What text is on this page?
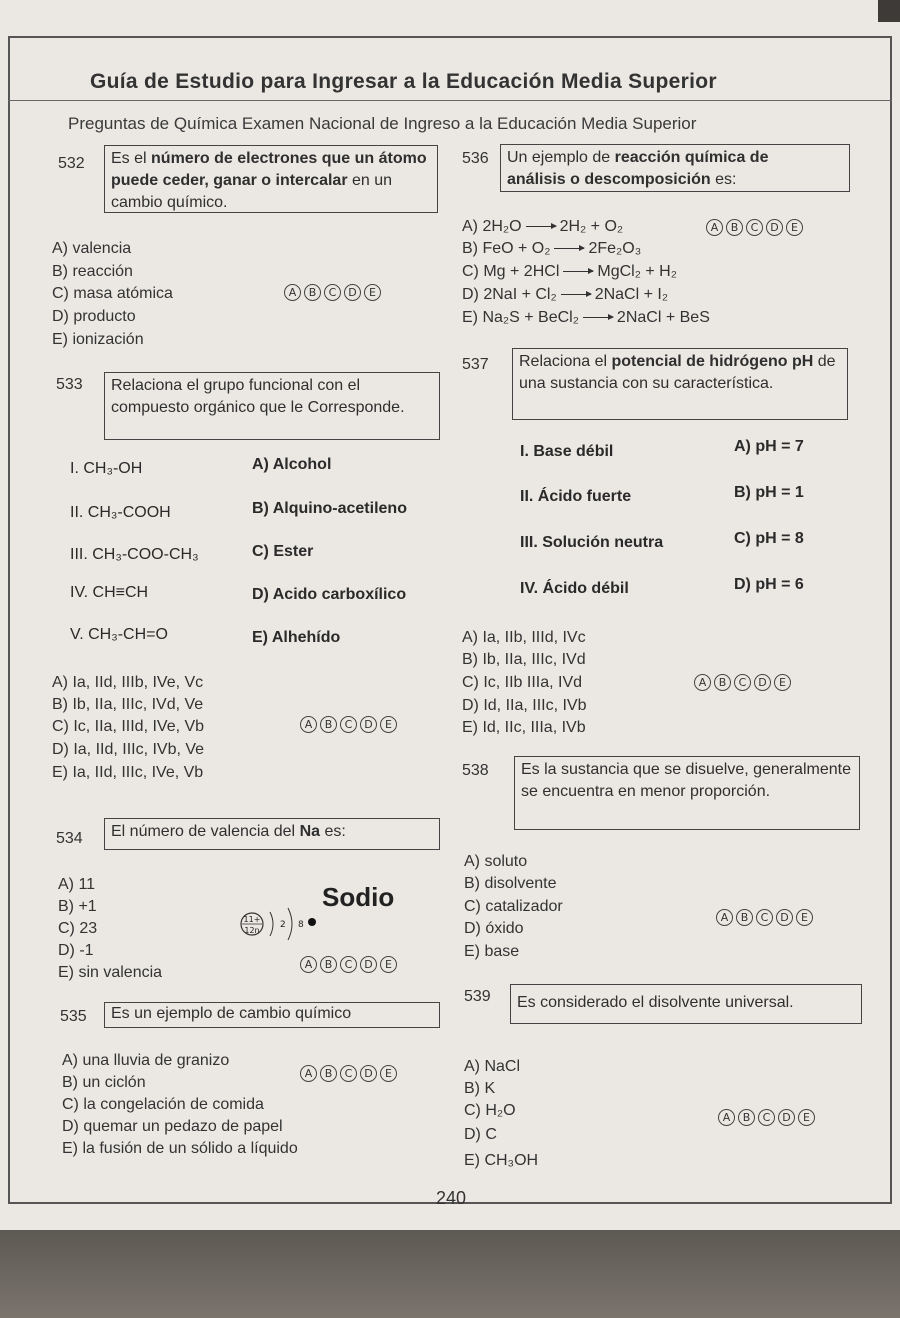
Guía de Estudio para Ingresar a la Educación Media Superior
Preguntas de Química Examen Nacional de Ingreso a la Educación Media Superior
532	Es el número de electrones que un átomo puede ceder, ganar o intercalar en un cambio químico.
A) valencia
B) reacción
C) masa atómica
D) producto
E) ionización
A	B	C	D	E
533	Relaciona el grupo funcional con el compuesto orgánico que le Corresponde.
I. CH₃-OH	A) Alcohol
II. CH₃-COOH	B) Alquino-acetileno
III. CH₃-COO-CH₃	C) Ester
IV. CH≡CH	D) Acido carboxílico
V. CH₃-CH=O	E) Alhehído
A) Ia, IId, IIIb, IVe, Vc
B) Ib, IIa, IIIc, IVd, Ve
C) Ic, IIa, IIId, IVe, Vb
D) Ia, IId, IIIc, IVb, Ve
E) Ia, IId, IIIc, IVe, Vb
A	B	C	D	E
534	El número de valencia del Na es:
A) 11
B) +1
C) 23
D) -1
E) sin valencia
Sodio
11+
12n
2 8
A	B	C	D	E
535	Es un ejemplo de cambio químico
A) una lluvia de granizo
B) un ciclón
C) la congelación de comida
D) quemar un pedazo de papel
E) la fusión de un sólido a líquido
A	B	C	D	E
536	Un ejemplo de reacción química de
análisis o descomposición es:
A) 2H₂O → 2H₂ + O₂
B) FeO + O₂ → 2Fe₂O₃
C) Mg + 2HCl → MgCl₂ + H₂
D) 2NaI + Cl₂ → 2NaCl + I₂
E) Na₂S + BeCl₂ → 2NaCl + BeS
A	B	C	D	E
537	Relaciona el potencial de hidrógeno pH de una sustancia con su característica.
I. Base débil	A) pH = 7
II. Ácido fuerte	B) pH = 1
III. Solución neutra	C) pH = 8
IV. Ácido débil	D) pH = 6
A) Ia, IIb, IIId, IVc
B) Ib, IIa, IIIc, IVd
C) Ic, IIb IIIa, IVd
D) Id, IIa, IIIc, IVb
E) Id, IIc, IIIa, IVb
A	B	C	D	E
538	Es la sustancia que se disuelve, generalmente se encuentra en menor proporción.
A) soluto
B) disolvente
C) catalizador
D) óxido
E) base
A	B	C	D	E
539	Es considerado el disolvente universal.
A) NaCl
B) K
C) H₂O
D) C
E) CH₃OH
A	B	C	D	E
240
